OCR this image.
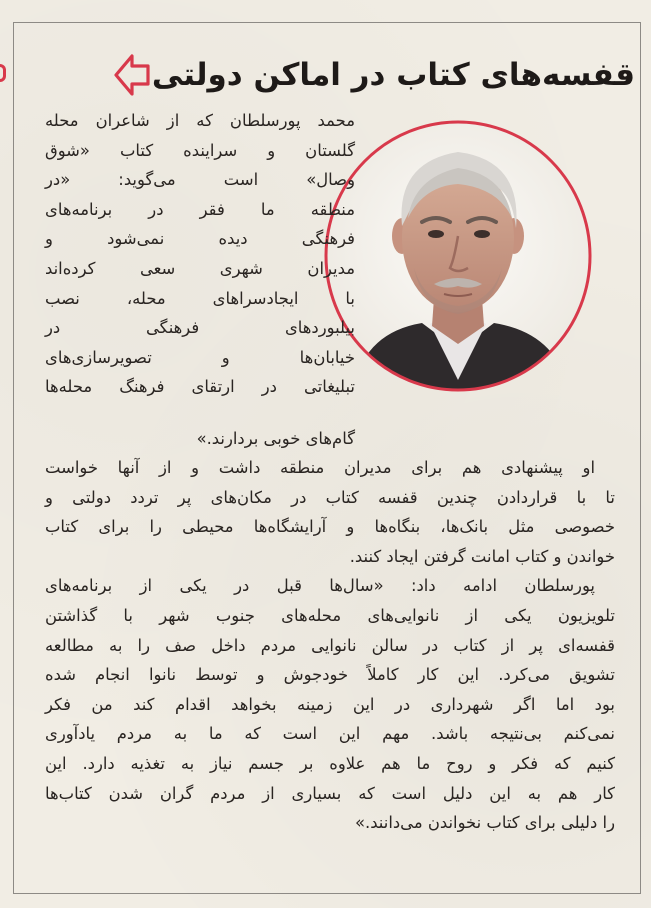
قفسه‌های کتاب در اماکن دولتی
محمد پورسلطان که از شاعران محله
گلستان و سراینده کتاب «شوق
وصال» است می‌گوید: «در
منطقه ما فقر در برنامه‌های
فرهنگی دیده نمی‌شود و
مدیران شهری سعی کرده‌اند
با ایجادسراهای محله، نصب
بیلبوردهای فرهنگی در
خیابان‌ها و تصویرسازی‌های
تبلیغاتی در ارتقای فرهنگ محله‌ها
گام‌های خوبی بردارند.»
او پیشنهادی هم برای مدیران منطقه داشت و از آنها خواست
تا با قراردادن چندین قفسه کتاب در مکان‌های پر تردد دولتی و
خصوصی مثل بانک‌ها، بنگاه‌ها و آرایشگاه‌ها محیطی را برای کتاب
خواندن و کتاب امانت گرفتن ایجاد کنند.
پورسلطان ادامه داد: «سال‌ها قبل در یکی از برنامه‌های
تلویزیون یکی از نانوایی‌های محله‌های جنوب شهر با گذاشتن
قفسه‌ای پر از کتاب در سالن نانوایی مردم داخل صف را به مطالعه
تشویق می‌کرد. این کار کاملاً خودجوش و توسط نانوا انجام شده
بود اما اگر شهرداری در این زمینه بخواهد اقدام کند من فکر
نمی‌کنم بی‌نتیجه باشد. مهم این است که ما به مردم یادآوری
کنیم که فکر و روح ما هم علاوه بر جسم نیاز به تغذیه دارد. این
کار هم به این دلیل است که بسیاری از مردم گران شدن کتاب‌ها
را دلیلی برای کتاب نخواندن می‌دانند.»
